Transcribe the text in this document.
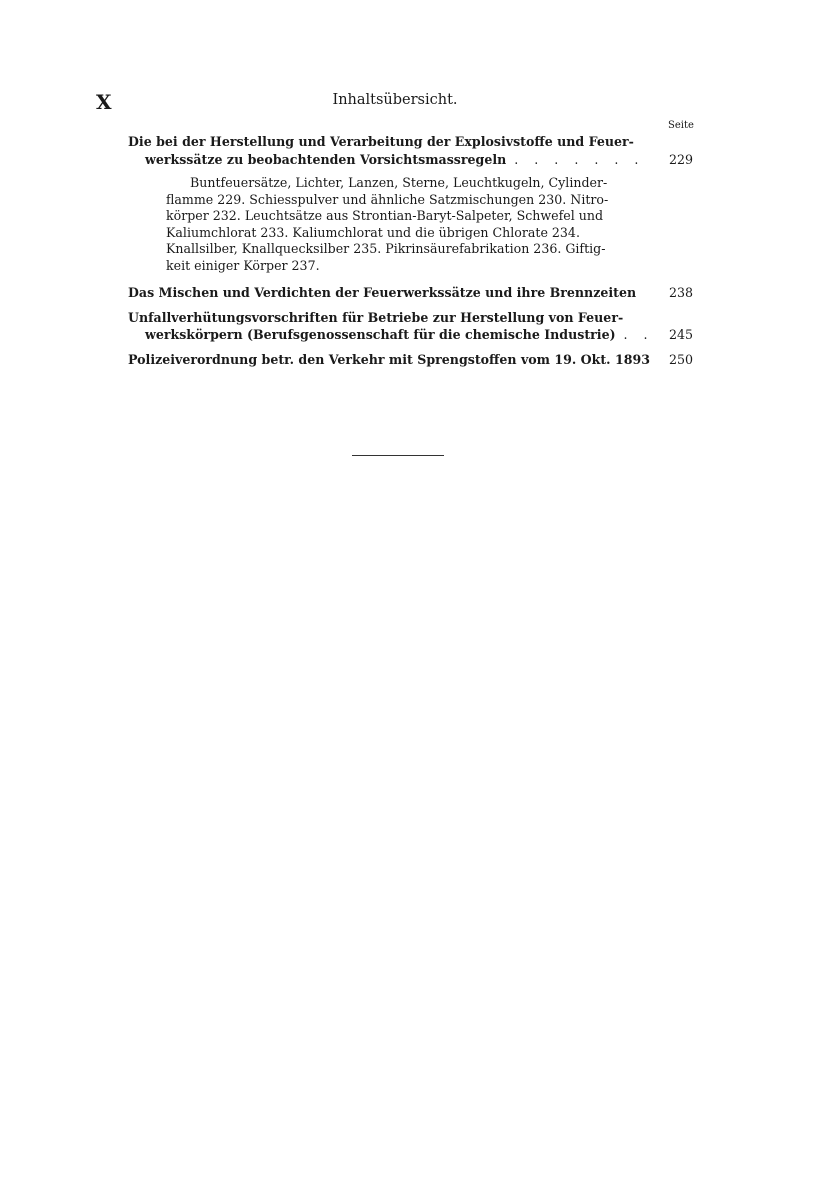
X	Inhaltsübersicht.
Seite
Die bei der Herstellung und Verarbeitung der Explosivstoffe und Feuer-
werkssätze zu beobachtenden Vorsichtsmassregeln . . . . . . .	229
Buntfeuersätze, Lichter, Lanzen, Sterne, Leuchtkugeln, Cylinder-
flamme 229. Schiesspulver und ähnliche Satzmischungen 230. Nitro-
körper 232. Leuchtsätze aus Strontian-Baryt-Salpeter, Schwefel und
Kaliumchlorat 233. Kaliumchlorat und die übrigen Chlorate 234.
Knallsilber, Knallquecksilber 235. Pikrinsäurefabrikation 236. Giftig-
keit einiger Körper 237.
Das Mischen und Verdichten der Feuerwerkssätze und ihre Brennzeiten	238
Unfallverhütungsvorschriften für Betriebe zur Herstellung von Feuer-
werkskörpern (Berufsgenossenschaft für die chemische Industrie) . .	245
Polizeiverordnung betr. den Verkehr mit Sprengstoffen vom 19. Okt. 1893	250
